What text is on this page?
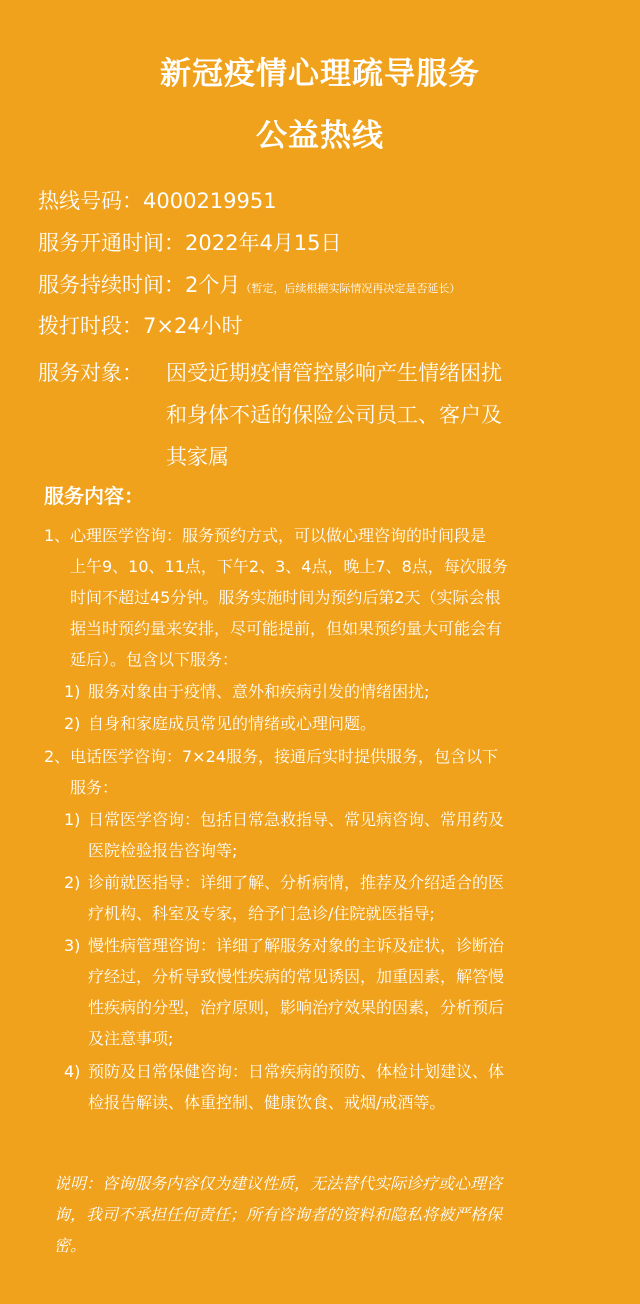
新冠疫情心理疏导服务
公益热线
热线号码：4000219951
服务开通时间：2022年4月15日
服务持续时间：2个月（暂定，后续根据实际情况再决定是否延长）
拨打时段：7×24小时
服务对象： 因受近期疫情管控影响产生情绪困扰
和身体不适的保险公司员工、客户及
其家属
服务内容：
1、 心理医学咨询：服务预约方式，可以做心理咨询的时间段是
上午9、10、11点，下午2、3、4点，晚上7、8点，每次服务
时间不超过45分钟。服务实施时间为预约后第2天（实际会根
据当时预约量来安排，尽可能提前，但如果预约量大可能会有
延后）。包含以下服务：
1) 服务对象由于疫情、意外和疾病引发的情绪困扰;
2) 自身和家庭成员常见的情绪或心理问题。
2、 电话医学咨询：7×24服务，接通后实时提供服务，包含以下
服务：
1) 日常医学咨询：包括日常急救指导、常见病咨询、常用药及
医院检验报告咨询等;
2) 诊前就医指导：详细了解、分析病情，推荐及介绍适合的医
疗机构、科室及专家，给予门急诊/住院就医指导;
3) 慢性病管理咨询：详细了解服务对象的主诉及症状，诊断治
疗经过，分析导致慢性疾病的常见诱因，加重因素，解答慢
性疾病的分型，治疗原则，影响治疗效果的因素，分析预后
及注意事项;
4) 预防及日常保健咨询：日常疾病的预防、体检计划建议、体
检报告解读、体重控制、健康饮食、戒烟/戒酒等。
说明：咨询服务内容仅为建议性质，无法替代实际诊疗或心理咨
询，我司不承担任何责任；所有咨询者的资料和隐私将被严格保
密。
